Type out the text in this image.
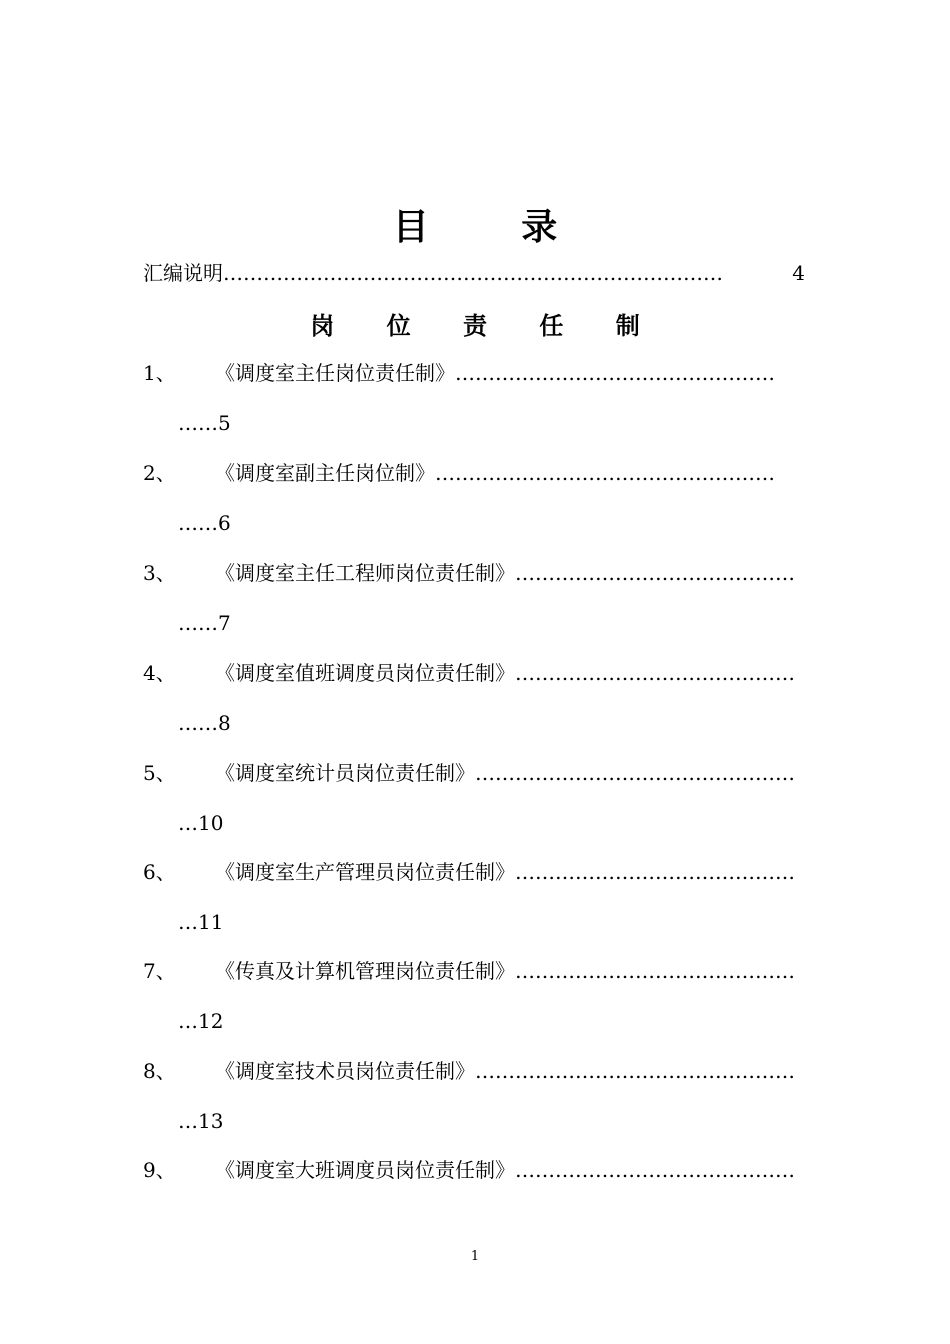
目 录
汇编说明 …………………………………………………………………	4
岗 位 责 任 制
1、	《调度室主任岗位责任制》 …………………………………………
……5
2、	《调度室副主任岗位制》 ……………………………………………
……6
3、	《调度室主任工程师岗位责任制》 ……………………………………
……7
4、	《调度室值班调度员岗位责任制》 ……………………………………
……8
5、	《调度室统计员岗位责任制》 …………………………………………
…10
6、	《调度室生产管理员岗位责任制》 ……………………………………
…11
7、	《传真及计算机管理岗位责任制》 ……………………………………
…12
8、	《调度室技术员岗位责任制》 …………………………………………
…13
9、	《调度室大班调度员岗位责任制》 ……………………………………
1
